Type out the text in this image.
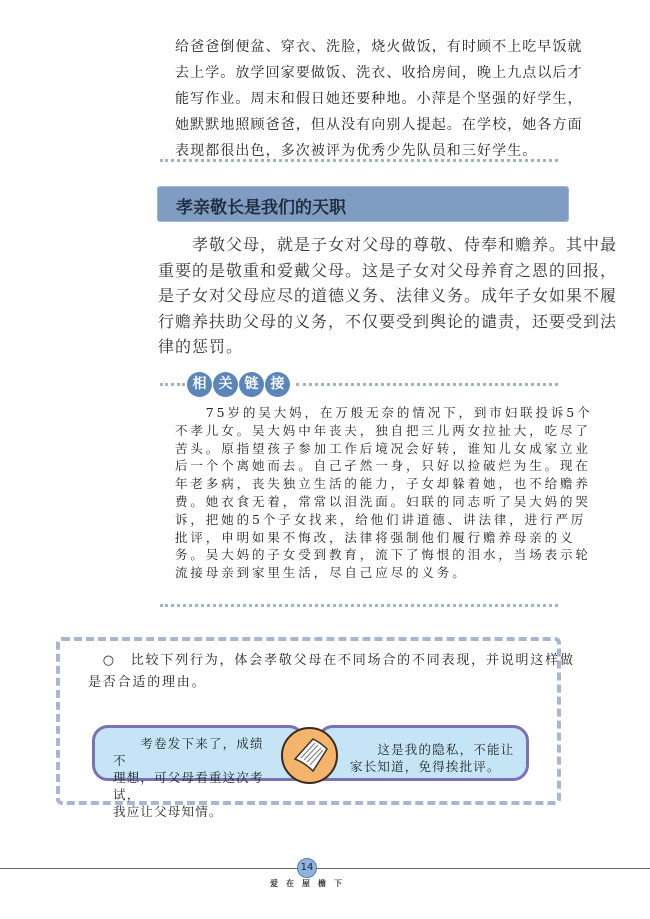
给爸爸倒便盆、穿衣、洗脸，烧火做饭，有时顾不上吃早饭就
去上学。放学回家要做饭、洗衣、收拾房间，晚上九点以后才
能写作业。周末和假日她还要种地。小萍是个坚强的好学生，
她默默地照顾爸爸，但从没有向别人提起。在学校，她各方面
表现都很出色，多次被评为优秀少先队员和三好学生。
孝亲敬长是我们的天职
　　孝敬父母，就是子女对父母的尊敬、侍奉和赡养。其中最
重要的是敬重和爱戴父母。这是子女对父母养育之恩的回报，
是子女对父母应尽的道德义务、法律义务。成年子女如果不履
行赡养扶助父母的义务，不仅要受到舆论的谴责，还要受到法
律的惩罚。
相 关 链 接
　　75岁的吴大妈，在万般无奈的情况下，到市妇联投诉5个
不孝儿女。吴大妈中年丧夫，独自把三儿两女拉扯大，吃尽了
苦头。原指望孩子参加工作后境况会好转，谁知儿女成家立业
后一个个离她而去。自己孑然一身，只好以捡破烂为生。现在
年老多病，丧失独立生活的能力，子女却躲着她，也不给赡养
费。她衣食无着，常常以泪洗面。妇联的同志听了吴大妈的哭
诉，把她的5个子女找来，给他们讲道德、讲法律，进行严厉
批评，申明如果不悔改，法律将强制他们履行赡养母亲的义
务。吴大妈的子女受到教育，流下了悔恨的泪水，当场表示轮
流接母亲到家里生活，尽自己应尽的义务。
　○　比较下列行为，体会孝敬父母在不同场合的不同表现，并说明这样做
是否合适的理由。
　　考卷发下来了，成绩不
理想，可父母看重这次考试，
我应让父母知情。
　　这是我的隐私，不能让
家长知道，免得挨批评。
14
爱在屋檐下
